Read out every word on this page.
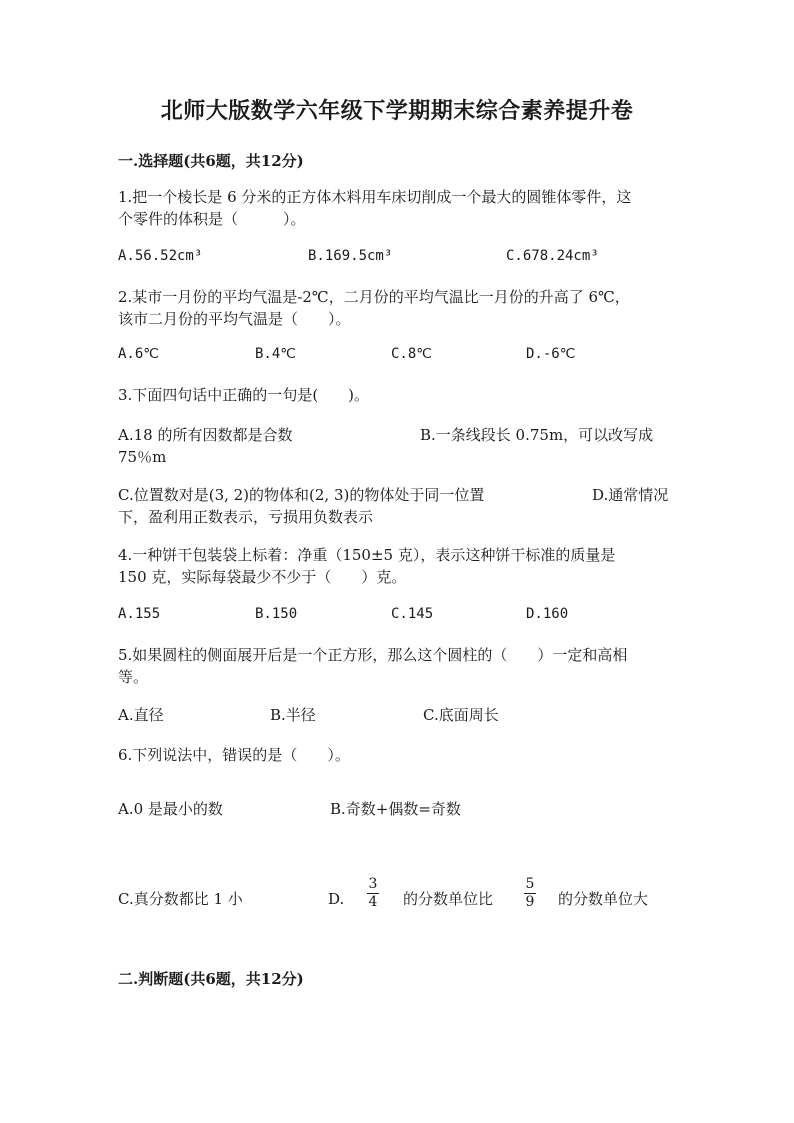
北师大版数学六年级下学期期末综合素养提升卷
一.选择题(共6题，共12分)
1.把一个棱长是 6 分米的正方体木料用车床切削成一个最大的圆锥体零件，这
个零件的体积是（　　　）。
A.56.52cm³	B.169.5cm³	C.678.24cm³
2.某市一月份的平均气温是-2℃，二月份的平均气温比一月份的升高了 6℃，
该市二月份的平均气温是（　　）。
A.6℃	B.4℃	C.8℃	D.-6℃
3.下面四句话中正确的一句是(　　)。
A.18 的所有因数都是合数	B.一条线段长 0.75m，可以改写成
75％m
C.位置数对是(3, 2)的物体和(2, 3)的物体处于同一位置	D.通常情况
下，盈利用正数表示，亏损用负数表示
4.一种饼干包装袋上标着：净重（150±5 克），表示这种饼干标准的质量是
150 克，实际每袋最少不少于（　　）克。
A.155	B.150	C.145	D.160
5.如果圆柱的侧面展开后是一个正方形，那么这个圆柱的（　　）一定和高相
等。
A.直径	B.半径	C.底面周长
6.下列说法中，错误的是（　　）。
A.0 是最小的数	B.奇数+偶数=奇数
C.真分数都比 1 小	D.
3
4 的分数单位比
5
9 的分数单位大
二.判断题(共6题，共12分)
